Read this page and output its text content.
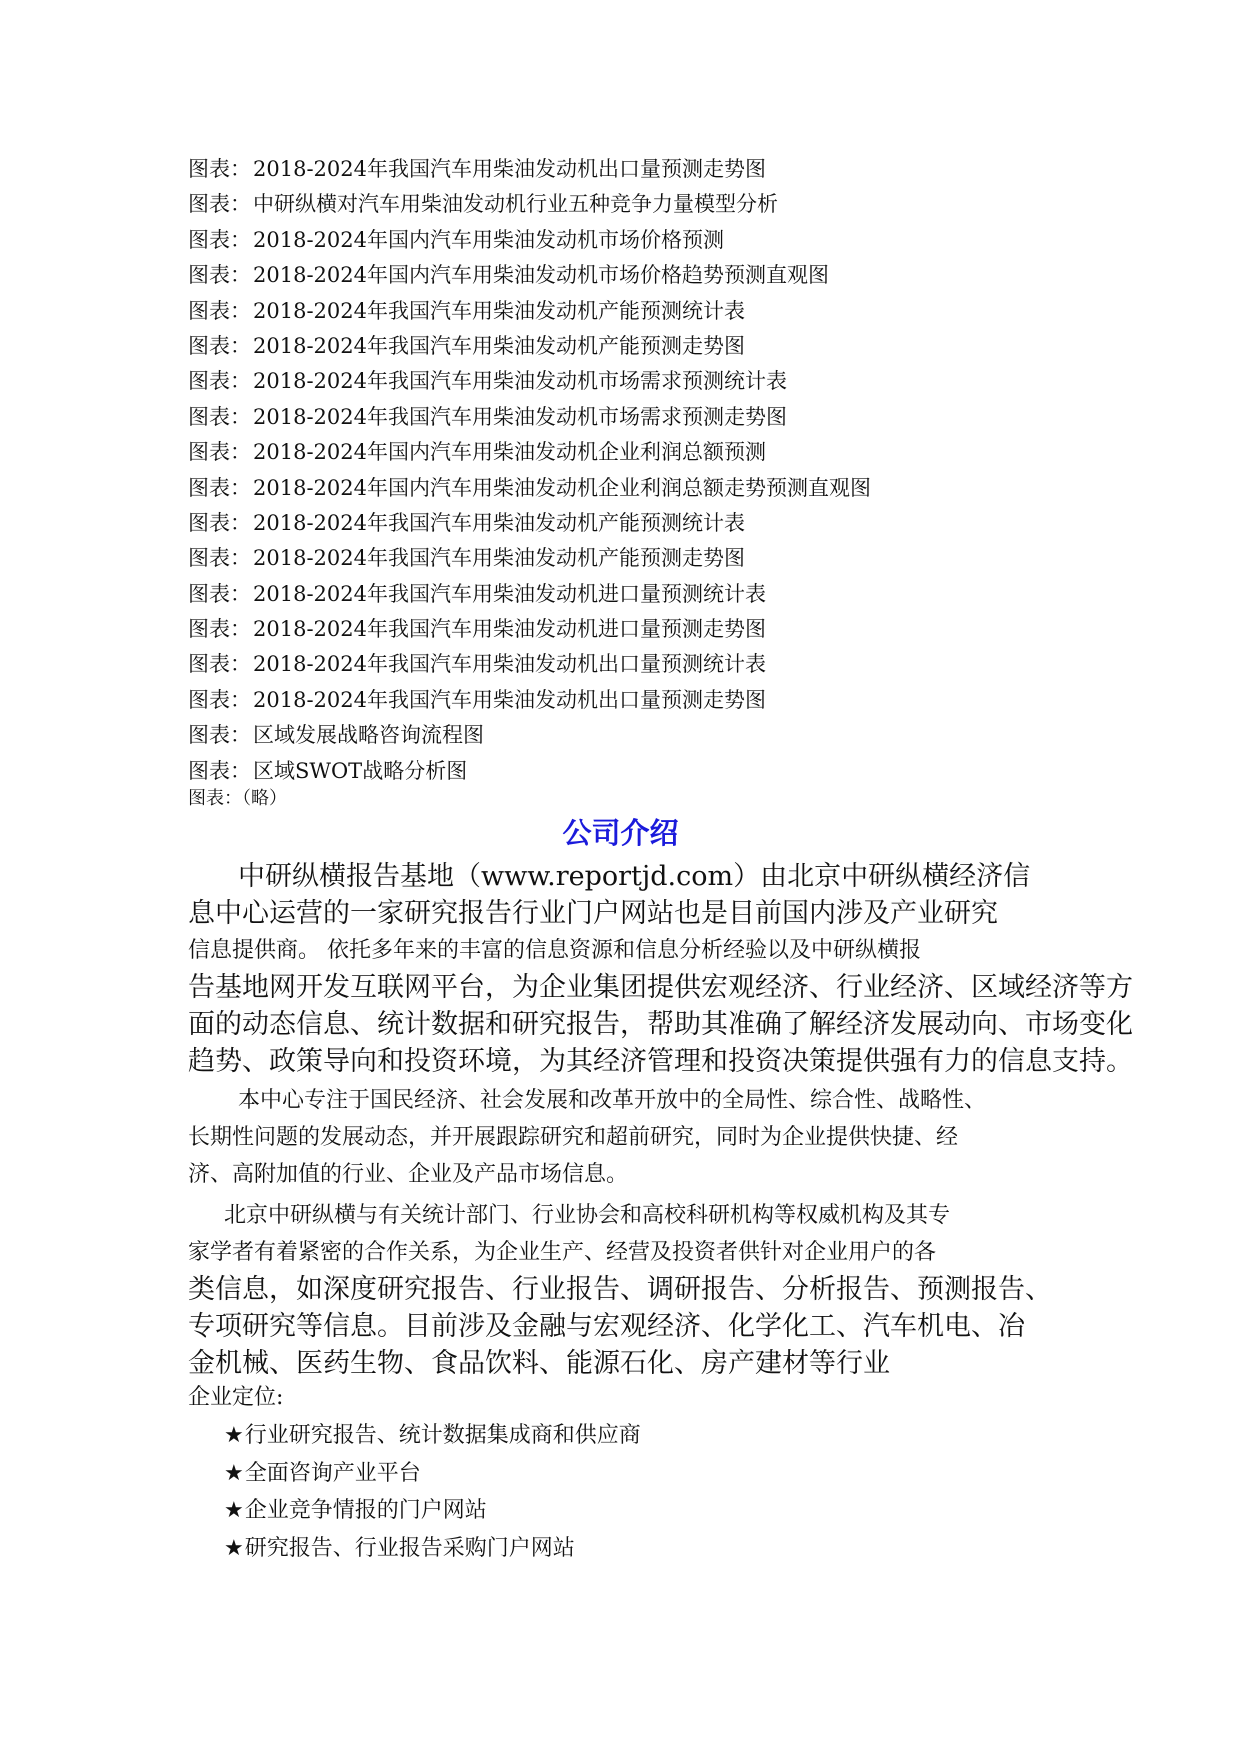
图表：2018-2024年我国汽车用柴油发动机出口量预测走势图
图表：中研纵横对汽车用柴油发动机行业五种竞争力量模型分析
图表：2018-2024年国内汽车用柴油发动机市场价格预测
图表：2018-2024年国内汽车用柴油发动机市场价格趋势预测直观图
图表：2018-2024年我国汽车用柴油发动机产能预测统计表
图表：2018-2024年我国汽车用柴油发动机产能预测走势图
图表：2018-2024年我国汽车用柴油发动机市场需求预测统计表
图表：2018-2024年我国汽车用柴油发动机市场需求预测走势图
图表：2018-2024年国内汽车用柴油发动机企业利润总额预测
图表：2018-2024年国内汽车用柴油发动机企业利润总额走势预测直观图
图表：2018-2024年我国汽车用柴油发动机产能预测统计表
图表：2018-2024年我国汽车用柴油发动机产能预测走势图
图表：2018-2024年我国汽车用柴油发动机进口量预测统计表
图表：2018-2024年我国汽车用柴油发动机进口量预测走势图
图表：2018-2024年我国汽车用柴油发动机出口量预测统计表
图表：2018-2024年我国汽车用柴油发动机出口量预测走势图
图表：区域发展战略咨询流程图
图表：区域SWOT战略分析图
图表：（略）
公司介绍
中研纵横报告基地（www.reportjd.com）由北京中研纵横经济信
息中心运营的一家研究报告行业门户网站也是目前国内涉及产业研究
信息提供商。 依托多年来的丰富的信息资源和信息分析经验以及中研纵横报
告基地网开发互联网平台，为企业集团提供宏观经济、行业经济、区域经济等方
面的动态信息、统计数据和研究报告，帮助其准确了解经济发展动向、市场变化
趋势、政策导向和投资环境，为其经济管理和投资决策提供强有力的信息支持。
本中心专注于国民经济、社会发展和改革开放中的全局性、综合性、战略性、
长期性问题的发展动态，并开展跟踪研究和超前研究，同时为企业提供快捷、经
济、高附加值的行业、企业及产品市场信息。
北京中研纵横与有关统计部门、行业协会和高校科研机构等权威机构及其专
家学者有着紧密的合作关系，为企业生产、经营及投资者供针对企业用户的各
类信息，如深度研究报告、行业报告、调研报告、分析报告、预测报告、
专项研究等信息。目前涉及金融与宏观经济、化学化工、汽车机电、冶
金机械、医药生物、食品饮料、能源石化、房产建材等行业
企业定位:
★行业研究报告、统计数据集成商和供应商
★全面咨询产业平台
★企业竞争情报的门户网站
★研究报告、行业报告采购门户网站
